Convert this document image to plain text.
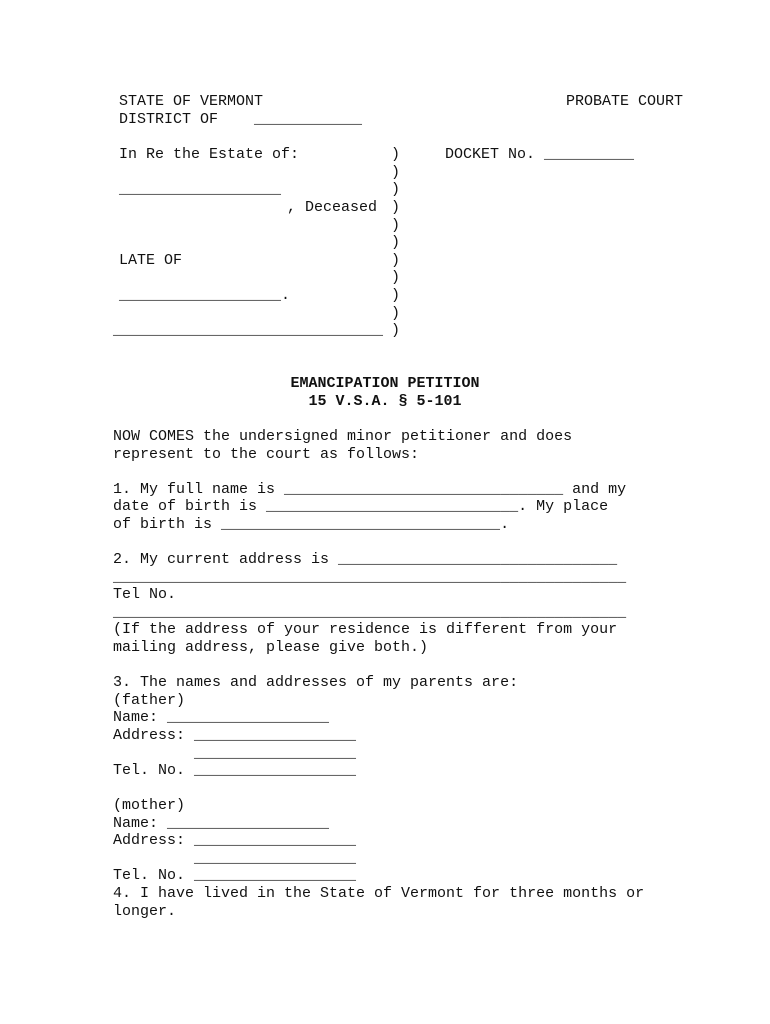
STATE OF VERMONT	PROBATE COURT
DISTRICT OF    ____________
In Re the Estate of:	DOCKET No. __________
)
)
)
)
)
)
)
)
)
)
)
__________________
, Deceased
LATE OF
__________________.
______________________________
EMANCIPATION PETITION
15 V.S.A. § 5-101
NOW COMES the undersigned minor petitioner and does
represent to the court as follows:
1. My full name is _______________________________ and my
date of birth is ____________________________. My place
of birth is _______________________________.
2. My current address is _______________________________
_________________________________________________________
Tel No.
_________________________________________________________
(If the address of your residence is different from your
mailing address, please give both.)
3. The names and addresses of my parents are:
(father)
Name: __________________
Address: __________________
__________________
Tel. No. __________________
(mother)
Name: __________________
Address: __________________
__________________
Tel. No. __________________
4. I have lived in the State of Vermont for three months or
longer.
